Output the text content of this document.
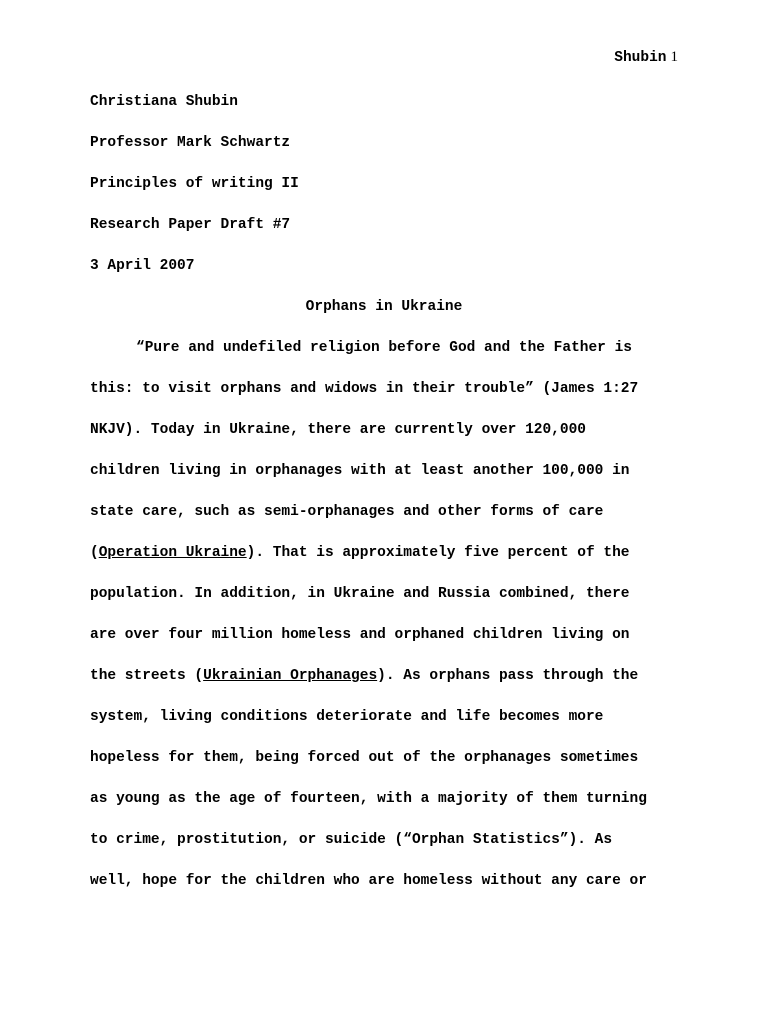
Shubin 1
Christiana Shubin
Professor Mark Schwartz
Principles of writing II
Research Paper Draft #7
3 April 2007
Orphans in Ukraine
“Pure and undefiled religion before God and the Father is
this: to visit orphans and widows in their trouble” (James 1:27
NKJV). Today in Ukraine, there are currently over 120,000
children living in orphanages with at least another 100,000 in
state care, such as semi-orphanages and other forms of care
(Operation Ukraine). That is approximately five percent of the
population. In addition, in Ukraine and Russia combined, there
are over four million homeless and orphaned children living on
the streets (Ukrainian Orphanages). As orphans pass through the
system, living conditions deteriorate and life becomes more
hopeless for them, being forced out of the orphanages sometimes
as young as the age of fourteen, with a majority of them turning
to crime, prostitution, or suicide (“Orphan Statistics”). As
well, hope for the children who are homeless without any care or
